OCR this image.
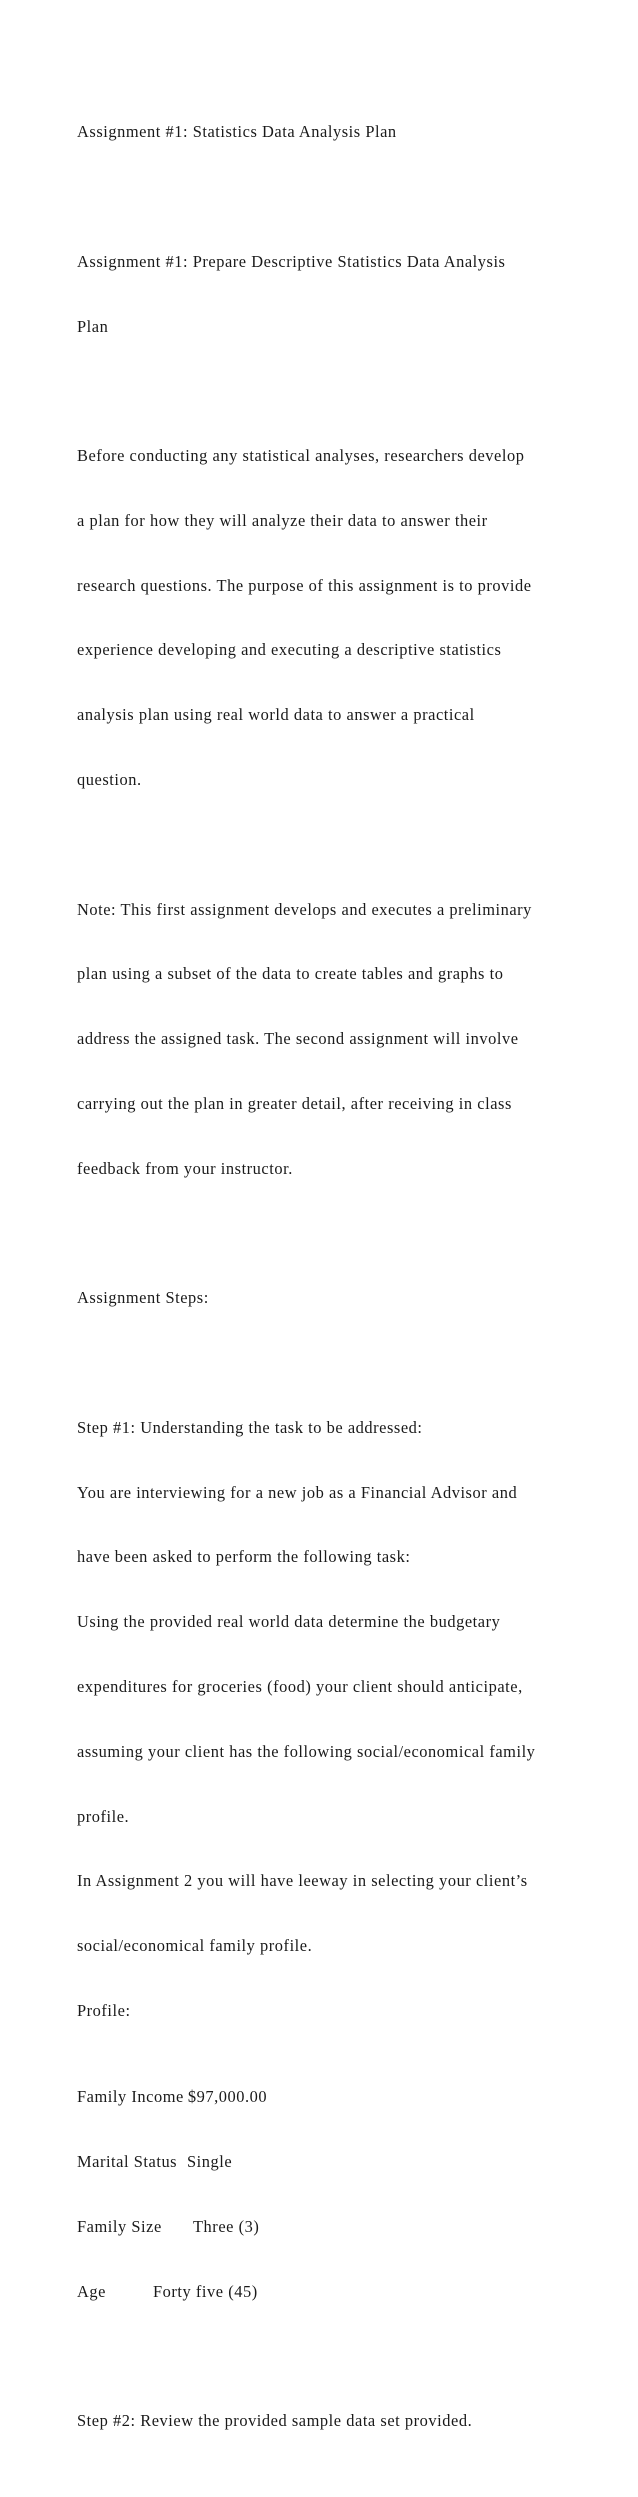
Assignment #1: Statistics Data Analysis Plan

Assignment #1: Prepare Descriptive Statistics Data Analysis

Plan

Before conducting any statistical analyses, researchers develop

a plan for how they will analyze their data to answer their

research questions. The purpose of this assignment is to provide

experience developing and executing a descriptive statistics

analysis plan using real world data to answer a practical

question.

Note: This first assignment develops and executes a preliminary

plan using a subset of the data to create tables and graphs to

address the assigned task. The second assignment will involve

carrying out the plan in greater detail, after receiving in class

feedback from your instructor.

Assignment Steps:

Step #1: Understanding the task to be addressed:

You are interviewing for a new job as a Financial Advisor and

have been asked to perform the following task:

Using the provided real world data determine the budgetary

expenditures for groceries (food) your client should anticipate,

assuming your client has the following social/economical family

profile.

In Assignment 2 you will have leeway in selecting your client’s

social/economical family profile.

Profile:

Family Income $97,000.00

Marital Status Single

Family Size Three (3)

Age	Forty five (45)

Step #2: Review the provided sample data set provided.
